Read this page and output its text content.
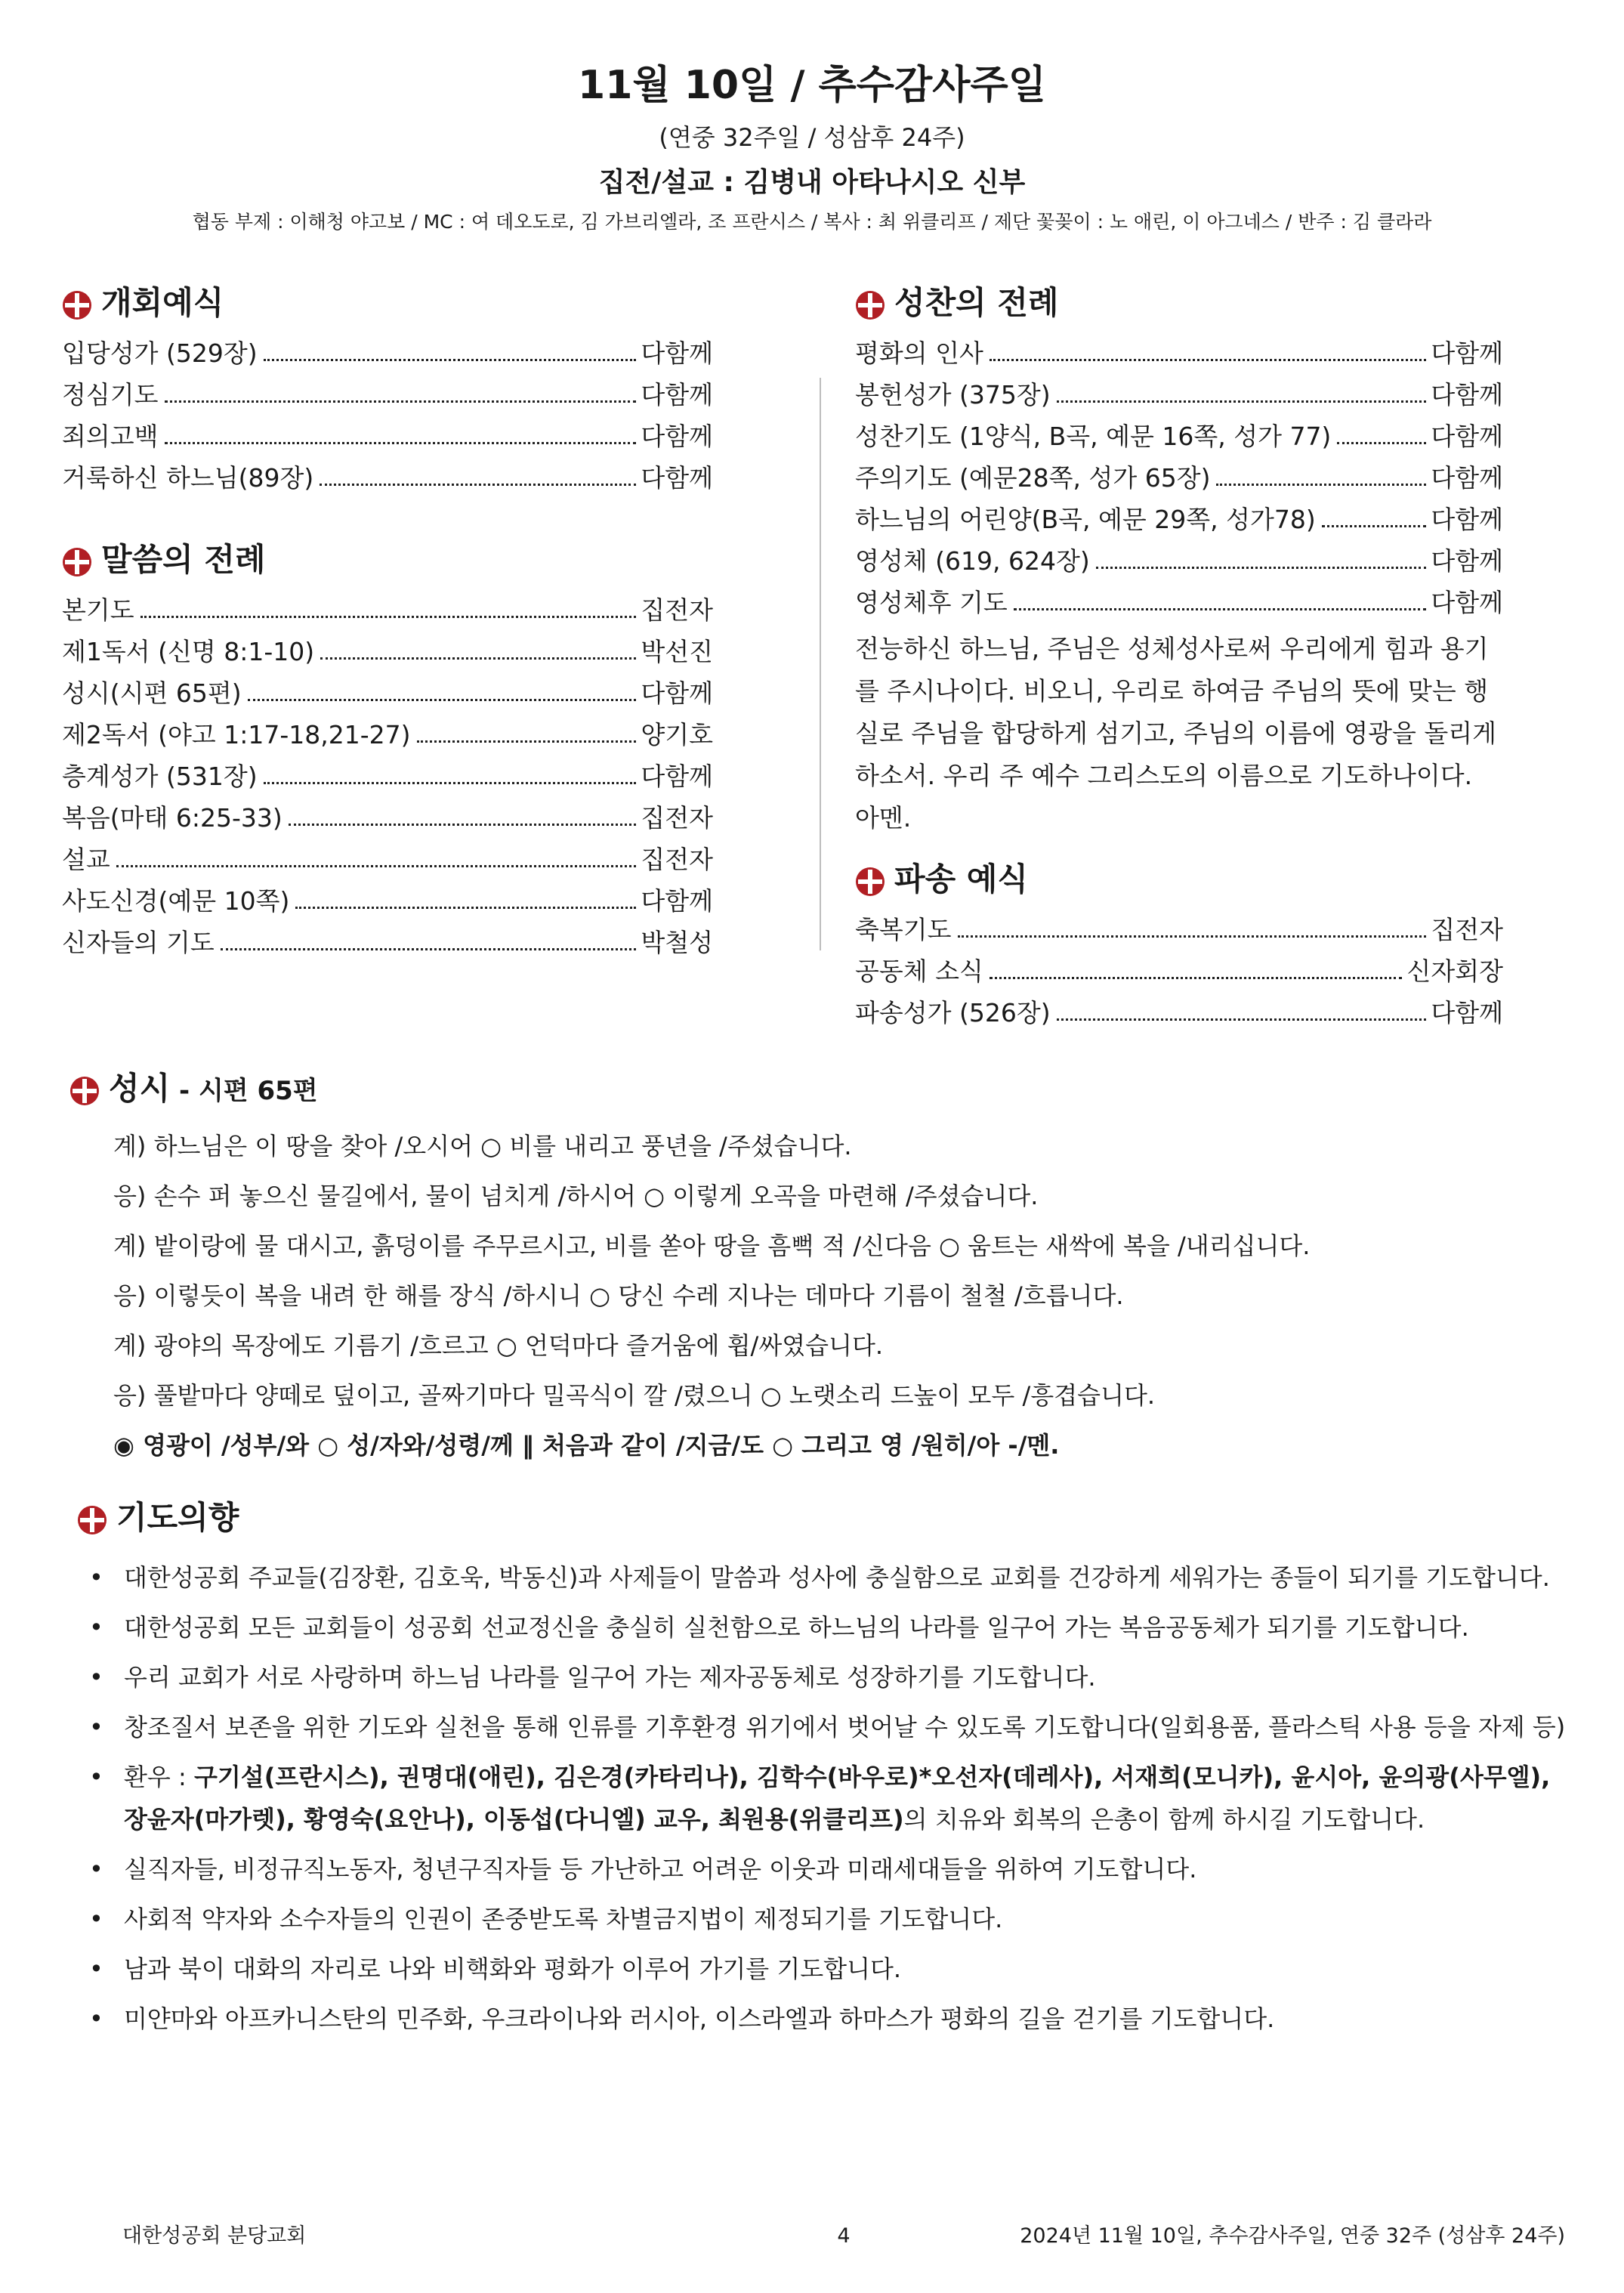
11월 10일 / 추수감사주일
(연중 32주일 / 성삼후 24주)
집전/설교 : 김병내 아타나시오 신부
협동 부제 : 이해청 야고보 / MC : 여 데오도로, 김 가브리엘라, 조 프란시스 / 복사 : 최 위클리프 / 제단 꽃꽂이 : 노 애린, 이 아그네스 / 반주 : 김 클라라
개회예식
입당성가 (529장)	다함께
정심기도	다함께
죄의고백	다함께
거룩하신 하느님(89장)	다함께
말씀의 전례
본기도	집전자
제1독서 (신명 8:1-10)	박선진
성시(시편 65편)	다함께
제2독서 (야고 1:17-18,21-27)	양기호
층계성가 (531장)	다함께
복음(마태 6:25-33)	집전자
설교	집전자
사도신경(예문 10쪽)	다함께
신자들의 기도	박철성
성찬의 전례
평화의 인사	다함께
봉헌성가 (375장)	다함께
성찬기도 (1양식, B곡, 예문 16쪽, 성가 77)	다함께
주의기도 (예문28쪽, 성가 65장)	다함께
하느님의 어린양(B곡, 예문 29쪽, 성가78)	다함께
영성체 (619, 624장)	다함께
영성체후 기도	다함께
전능하신 하느님, 주님은 성체성사로써 우리에게 힘과 용기를 주시나이다. 비오니, 우리로 하여금 주님의 뜻에 맞는 행실로 주님을 합당하게 섬기고, 주님의 이름에 영광을 돌리게 하소서. 우리 주 예수 그리스도의 이름으로 기도하나이다. 아멘.
파송 예식
축복기도	집전자
공동체 소식	신자회장
파송성가 (526장)	다함께
성시 - 시편 65편
계) 하느님은 이 땅을 찾아 /오시어 ○ 비를 내리고 풍년을 /주셨습니다.
응) 손수 퍼 놓으신 물길에서, 물이 넘치게 /하시어 ○ 이렇게 오곡을 마련해 /주셨습니다.
계) 밭이랑에 물 대시고, 흙덩이를 주무르시고, 비를 쏟아 땅을 흠뻑 적 /신다음 ○ 움트는 새싹에 복을 /내리십니다.
응) 이렇듯이 복을 내려 한 해를 장식 /하시니 ○ 당신 수레 지나는 데마다 기름이 철철 /흐릅니다.
계) 광야의 목장에도 기름기 /흐르고 ○ 언덕마다 즐거움에 휩/싸였습니다.
응) 풀밭마다 양떼로 덮이고, 골짜기마다 밀곡식이 깔 /렸으니 ○ 노랫소리 드높이 모두 /흥겹습니다.
◉ 영광이 /성부/와 ○ 성/자와/성령/께 ‖ 처음과 같이 /지금/도 ○ 그리고 영 /원히/아 -/멘.
기도의향
• 대한성공회 주교들(김장환, 김호욱, 박동신)과 사제들이 말씀과 성사에 충실함으로 교회를 건강하게 세워가는 종들이 되기를 기도합니다.
• 대한성공회 모든 교회들이 성공회 선교정신을 충실히 실천함으로 하느님의 나라를 일구어 가는 복음공동체가 되기를 기도합니다.
• 우리 교회가 서로 사랑하며 하느님 나라를 일구어 가는 제자공동체로 성장하기를 기도합니다.
• 창조질서 보존을 위한 기도와 실천을 통해 인류를 기후환경 위기에서 벗어날 수 있도록 기도합니다(일회용품, 플라스틱 사용 등을 자제 등)
• 환우 : 구기설(프란시스), 권명대(애린), 김은경(카타리나), 김학수(바우로)*오선자(데레사), 서재희(모니카), 윤시아, 윤의광(사무엘), 장윤자(마가렛), 황영숙(요안나), 이동섭(다니엘) 교우, 최원용(위클리프)의 치유와 회복의 은총이 함께 하시길 기도합니다.
• 실직자들, 비정규직노동자, 청년구직자들 등 가난하고 어려운 이웃과 미래세대들을 위하여 기도합니다.
• 사회적 약자와 소수자들의 인권이 존중받도록 차별금지법이 제정되기를 기도합니다.
• 남과 북이 대화의 자리로 나와 비핵화와 평화가 이루어 가기를 기도합니다.
• 미얀마와 아프카니스탄의 민주화, 우크라이나와 러시아, 이스라엘과 하마스가 평화의 길을 걷기를 기도합니다.
대한성공회 분당교회	4	2024년 11월 10일, 추수감사주일, 연중 32주 (성삼후 24주)
